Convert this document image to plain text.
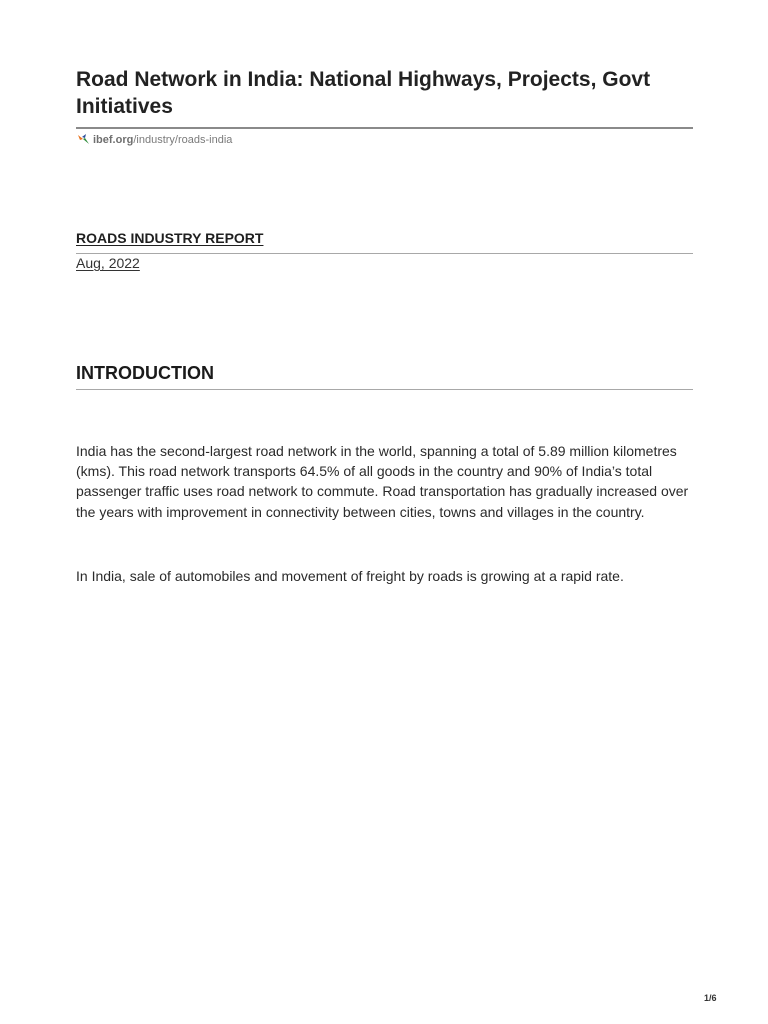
Road Network in India: National Highways, Projects, Govt Initiatives
ibef.org/industry/roads-india
ROADS INDUSTRY REPORT
Aug, 2022
INTRODUCTION

India has the second-largest road network in the world, spanning a total of 5.89 million kilometres (kms). This road network transports 64.5% of all goods in the country and 90% of India’s total passenger traffic uses road network to commute. Road transportation has gradually increased over the years with improvement in connectivity between cities, towns and villages in the country.

In India, sale of automobiles and movement of freight by roads is growing at a rapid rate.

1/6
